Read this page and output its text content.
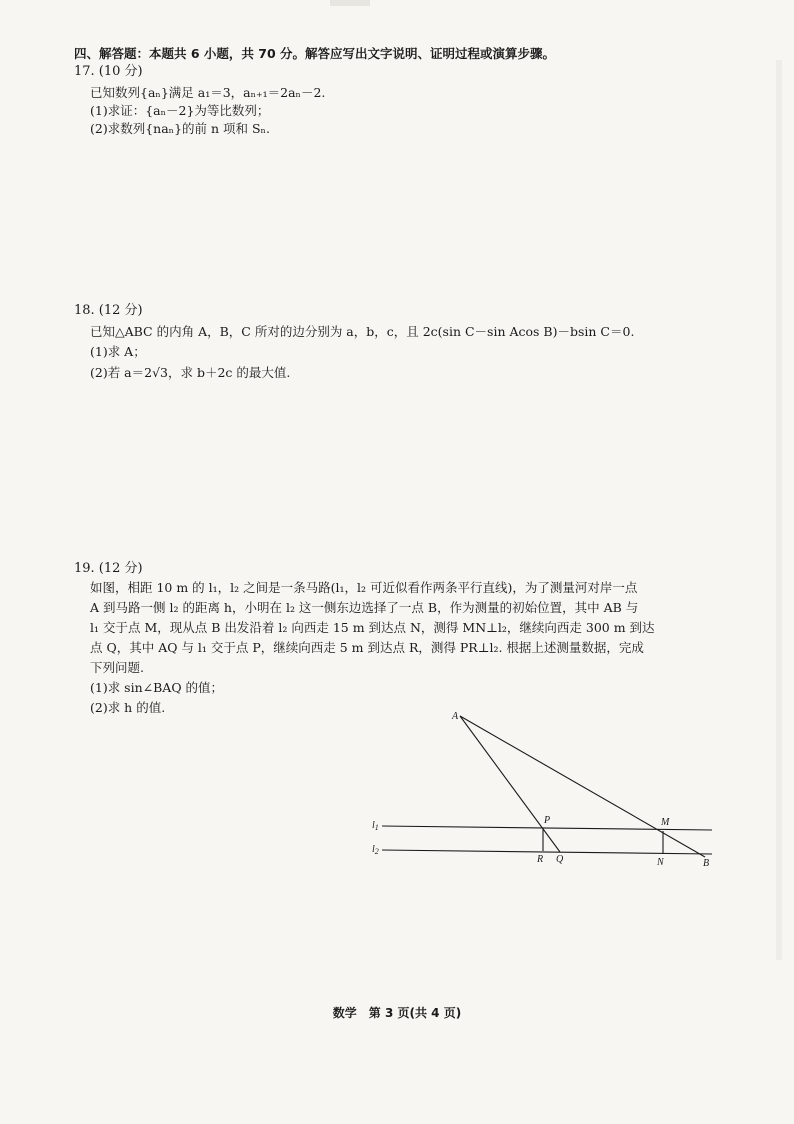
四、解答题：本题共 6 小题，共 70 分。解答应写出文字说明、证明过程或演算步骤。
17. (10 分)
已知数列{aₙ}满足 a₁＝3，aₙ₊₁＝2aₙ－2.
(1)求证：{aₙ－2}为等比数列；
(2)求数列{naₙ}的前 n 项和 Sₙ.
18. (12 分)
已知△ABC 的内角 A，B，C 所对的边分别为 a，b，c，且 2c(sin C－sin Acos B)－bsin C＝0.
(1)求 A；
(2)若 a＝2√3，求 b＋2c 的最大值.
19. (12 分)
如图，相距 10 m 的 l₁，l₂ 之间是一条马路(l₁，l₂ 可近似看作两条平行直线)，为了测量河对岸一点
A 到马路一侧 l₂ 的距离 h，小明在 l₂ 这一侧东边选择了一点 B，作为测量的初始位置，其中 AB 与
l₁ 交于点 M，现从点 B 出发沿着 l₂ 向西走 15 m 到达点 N，测得 MN⊥l₂，继续向西走 300 m 到达
点 Q，其中 AQ 与 l₁ 交于点 P，继续向西走 5 m 到达点 R，测得 PR⊥l₂. 根据上述测量数据，完成
下列问题.
(1)求 sin∠BAQ 的值；
(2)求 h 的值.
A
P	M
R Q	N	B
$l_1$
$l_2$
数学　第 3 页(共 4 页)
